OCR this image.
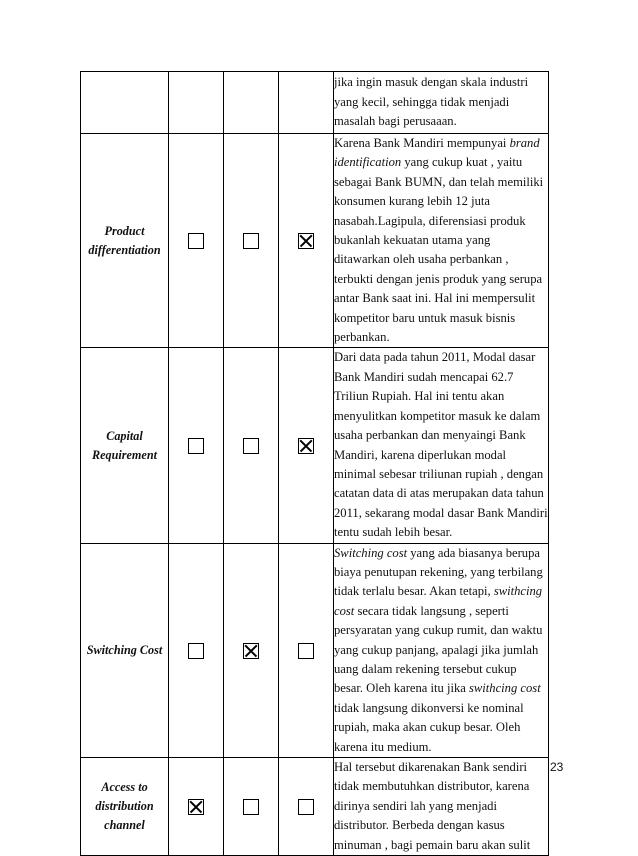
				jika ingin masuk dengan skala industri yang kecil, sehingga tidak menjadi masalah bagi perusaaan.
Product differentiation				Karena Bank Mandiri mempunyai brand identification yang cukup kuat , yaitu sebagai Bank BUMN, dan telah memiliki konsumen kurang lebih 12 juta nasabah.Lagipula, diferensiasi produk bukanlah kekuatan utama yang ditawarkan oleh usaha perbankan , terbukti dengan jenis produk yang serupa antar Bank saat ini. Hal ini mempersulit kompetitor baru untuk masuk bisnis perbankan.
Capital Requirement				Dari data pada tahun 2011, Modal dasar Bank Mandiri sudah mencapai 62.7 Triliun Rupiah. Hal ini tentu akan menyulitkan kompetitor masuk ke dalam usaha perbankan dan menyaingi Bank Mandiri, karena diperlukan modal minimal sebesar triliunan rupiah , dengan catatan data di atas merupakan data tahun 2011, sekarang modal dasar Bank Mandiri tentu sudah lebih besar.
Switching Cost				Switching cost yang ada biasanya berupa biaya penutupan rekening, yang terbilang tidak terlalu besar. Akan tetapi, swithcing cost secara tidak langsung , seperti persyaratan yang cukup rumit, dan waktu yang cukup panjang, apalagi jika jumlah uang dalam rekening tersebut cukup besar. Oleh karena itu jika swithcing cost tidak langsung dikonversi ke nominal rupiah, maka akan cukup besar. Oleh karena itu medium.
Access to distribution channel				Hal tersebut dikarenakan Bank sendiri tidak membutuhkan distributor, karena dirinya sendiri lah yang menjadi distributor. Berbeda dengan kasus minuman , bagi pemain baru akan sulit
23
